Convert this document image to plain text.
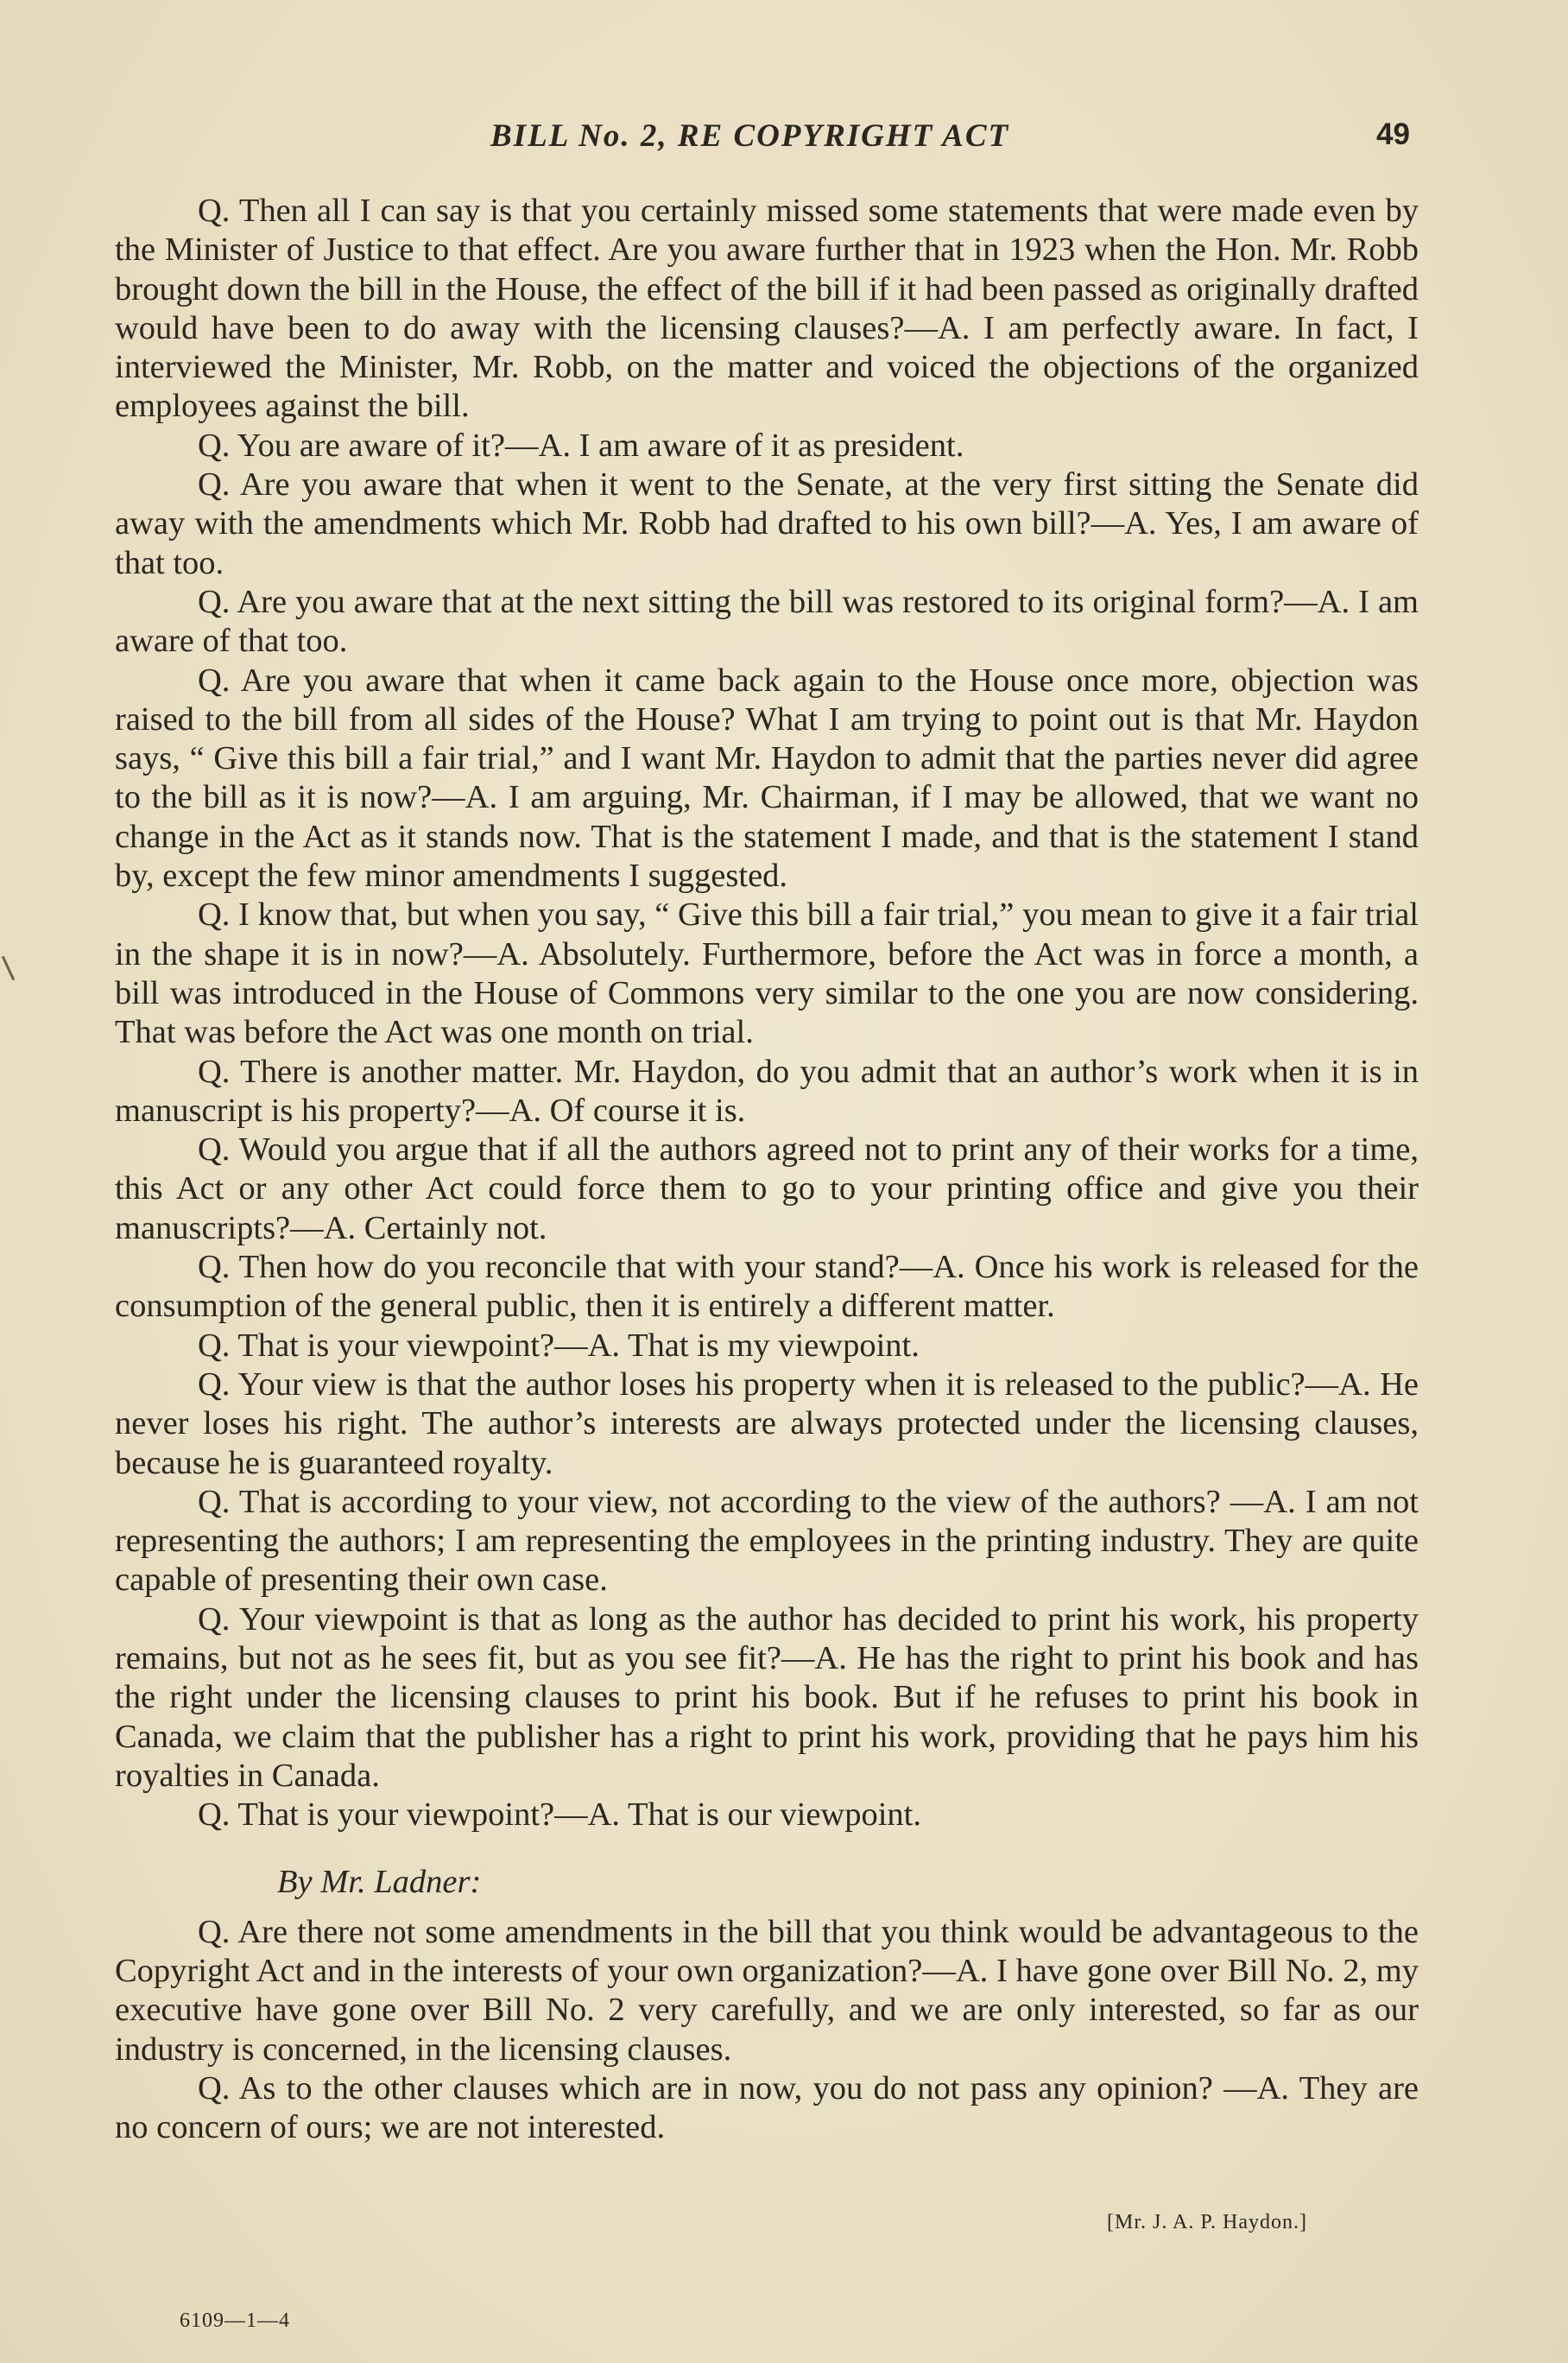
BILL No. 2, RE COPYRIGHT ACT	49

Q. Then all I can say is that you certainly missed some statements that were made even by the Minister of Justice to that effect. Are you aware further that in 1923 when the Hon. Mr. Robb brought down the bill in the House, the effect of the bill if it had been passed as originally drafted would have been to do away with the licensing clauses?—A. I am perfectly aware. In fact, I interviewed the Minister, Mr. Robb, on the matter and voiced the objections of the organized employees against the bill.

Q. You are aware of it?—A. I am aware of it as president.

Q. Are you aware that when it went to the Senate, at the very first sitting the Senate did away with the amendments which Mr. Robb had drafted to his own bill?—A. Yes, I am aware of that too.

Q. Are you aware that at the next sitting the bill was restored to its original form?—A. I am aware of that too.

Q. Are you aware that when it came back again to the House once more, objection was raised to the bill from all sides of the House? What I am trying to point out is that Mr. Haydon says, “ Give this bill a fair trial,” and I want Mr. Haydon to admit that the parties never did agree to the bill as it is now?—A. I am arguing, Mr. Chairman, if I may be allowed, that we want no change in the Act as it stands now. That is the statement I made, and that is the statement I stand by, except the few minor amendments I suggested.

Q. I know that, but when you say, “ Give this bill a fair trial,” you mean to give it a fair trial in the shape it is in now?—A. Absolutely. Furthermore, before the Act was in force a month, a bill was introduced in the House of Commons very similar to the one you are now considering. That was before the Act was one month on trial.

Q. There is another matter. Mr. Haydon, do you admit that an author’s work when it is in manuscript is his property?—A. Of course it is.

Q. Would you argue that if all the authors agreed not to print any of their works for a time, this Act or any other Act could force them to go to your printing office and give you their manuscripts?—A. Certainly not.

Q. Then how do you reconcile that with your stand?—A. Once his work is released for the consumption of the general public, then it is entirely a different matter.

Q. That is your viewpoint?—A. That is my viewpoint.

Q. Your view is that the author loses his property when it is released to the public?—A. He never loses his right. The author’s interests are always protected under the licensing clauses, because he is guaranteed royalty.

Q. That is according to your view, not according to the view of the authors? —A. I am not representing the authors; I am representing the employees in the printing industry. They are quite capable of presenting their own case.

Q. Your viewpoint is that as long as the author has decided to print his work, his property remains, but not as he sees fit, but as you see fit?—A. He has the right to print his book and has the right under the licensing clauses to print his book. But if he refuses to print his book in Canada, we claim that the publisher has a right to print his work, providing that he pays him his royalties in Canada.

Q. That is your viewpoint?—A. That is our viewpoint.

By Mr. Ladner:

Q. Are there not some amendments in the bill that you think would be advantageous to the Copyright Act and in the interests of your own organization?—A. I have gone over Bill No. 2, my executive have gone over Bill No. 2 very carefully, and we are only interested, so far as our industry is concerned, in the licensing clauses.

Q. As to the other clauses which are in now, you do not pass any opinion? —A. They are no concern of ours; we are not interested.

[Mr. J. A. P. Haydon.]
6109—1—4
